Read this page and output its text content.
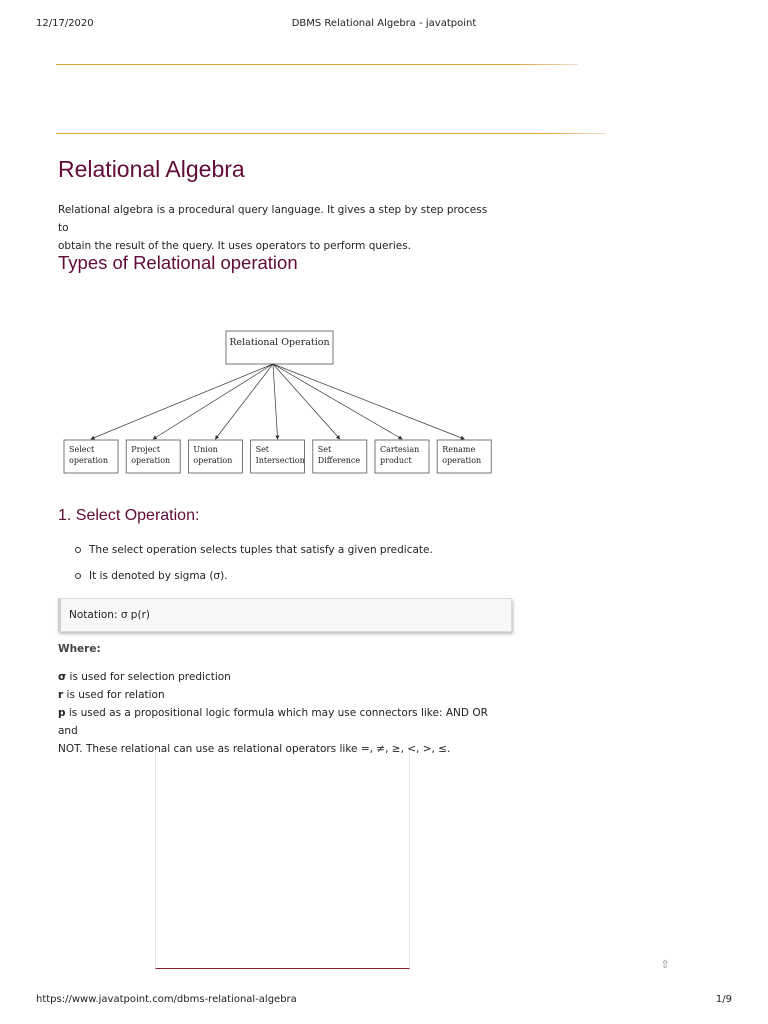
12/17/2020	DBMS Relational Algebra - javatpoint
Relational Algebra
Relational algebra is a procedural query language. It gives a step by step process to
obtain the result of the query. It uses operators to perform queries.
Types of Relational operation
Relational Operation
Select
operation
Project
operation
Union
operation
Set
Intersection
Set
Difference
Cartesian
product
Rename
operation
1. Select Operation:
The select operation selects tuples that satisfy a given predicate.
It is denoted by sigma (σ).
Notation: σ p(r)
Where:
σ is used for selection prediction
r is used for relation
p is used as a propositional logic formula which may use connectors like: AND OR and
NOT. These relational can use as relational operators like =, ≠, ≥, <, >, ≤.
⇧
https://www.javatpoint.com/dbms-relational-algebra	1/9
